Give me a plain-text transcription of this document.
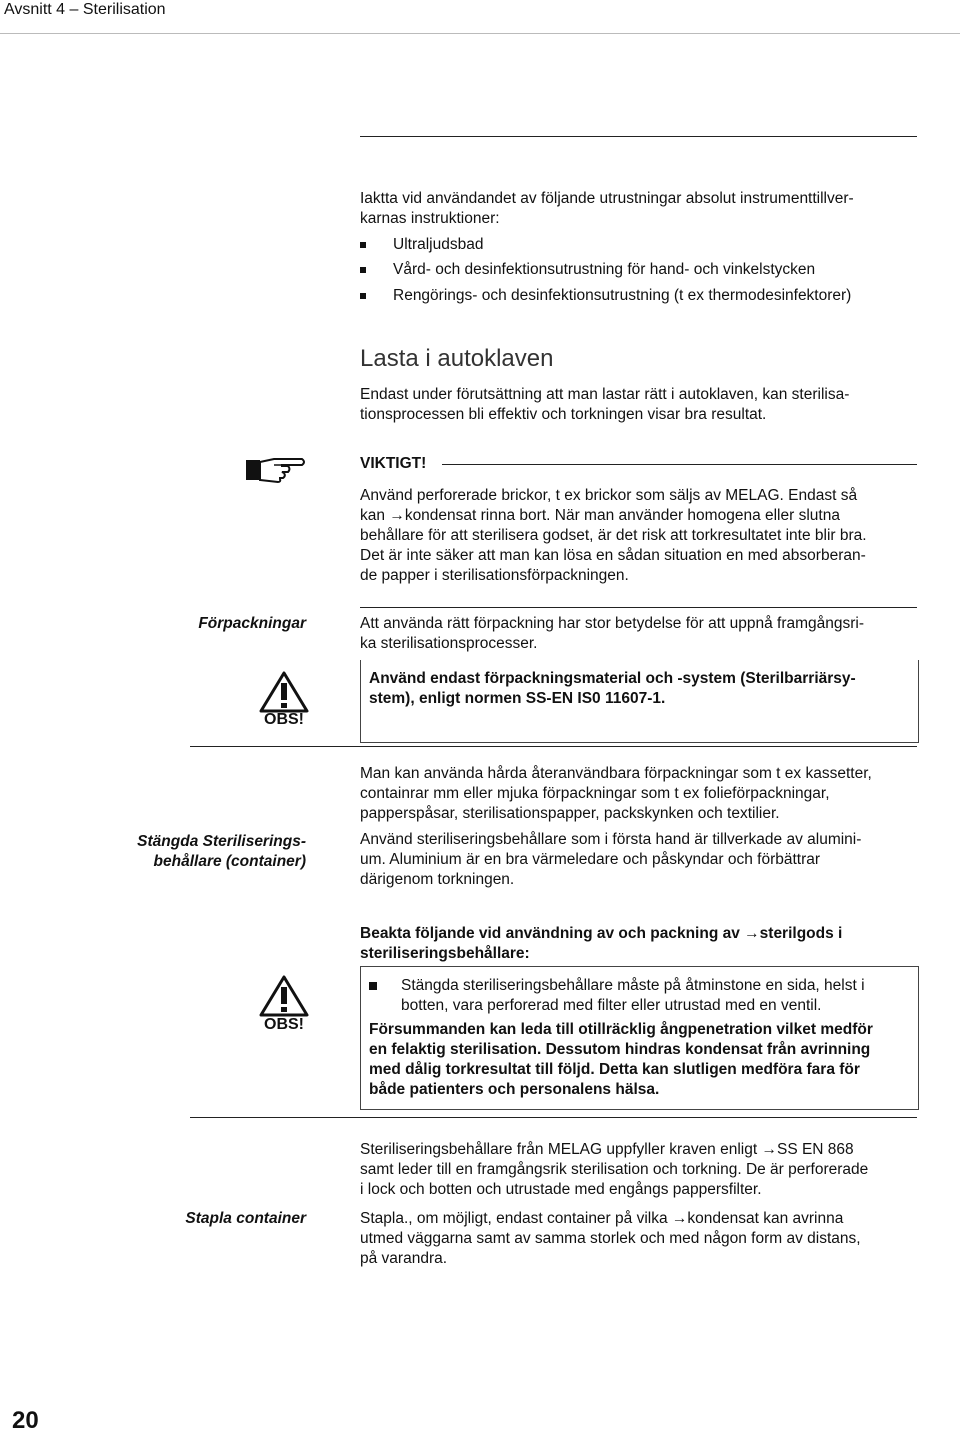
Avsnitt 4 – Sterilisation
Iaktta vid användandet av följande utrustningar absolut instrumenttillver-
karnas instruktioner:
Ultraljudsbad
Vård- och desinfektionsutrustning för hand- och vinkelstycken
Rengörings- och desinfektionsutrustning (t ex thermodesinfektorer)
Lasta i autoklaven
Endast under förutsättning att man lastar rätt i autoklaven, kan sterilisa-
tionsprocessen bli effektiv och torkningen visar bra resultat.
VIKTIGT!
Använd perforerade brickor, t ex brickor som säljs av MELAG. Endast så
kan →kondensat rinna bort. När man använder homogena eller slutna
behållare för att sterilisera godset, är det risk att torkresultatet inte blir bra.
Det är inte säker att man kan lösa en sådan situation en med absorberan-
de papper i sterilisationsförpackningen.
Förpackningar	Att använda rätt förpackning har stor betydelse för att uppnå framgångsri-
ka sterilisationsprocesser.
Använd endast förpackningsmaterial och -system (Sterilbarriärsy-
stem), enligt normen SS-EN IS0 11607-1.
OBS!
Stängda Steriliserings-
behållare (container)
Man kan använda hårda återanvändbara förpackningar som t ex kassetter,
containrar mm eller mjuka förpackningar som t ex folieförpackningar,
papperspåsar, sterilisationspapper, packskynken och textilier.
Använd steriliseringsbehållare som i första hand är tillverkade av alumini-
um. Aluminium är en bra värmeledare och påskyndar och förbättrar
därigenom torkningen.
Beakta följande vid användning av och packning av →sterilgods i
steriliseringsbehållare:
Stängda steriliseringsbehållare måste på åtminstone en sida, helst i
botten, vara perforerad med filter eller utrustad med en ventil.
Försummanden kan leda till otillräcklig ångpenetration vilket medför
en felaktig sterilisation. Dessutom hindras kondensat från avrinning
med dålig torkresultat till följd. Detta kan slutligen medföra fara för
både patienters och personalens hälsa.
OBS!
Steriliseringsbehållare från MELAG uppfyller kraven enligt →SS EN 868
samt leder till en framgångsrik sterilisation och torkning. De är perforerade
i lock och botten och utrustade med engångs pappersfilter.
Stapla container	Stapla., om möjligt, endast container på vilka →kondensat kan avrinna
utmed väggarna samt av samma storlek och med någon form av distans,
på varandra.
20
